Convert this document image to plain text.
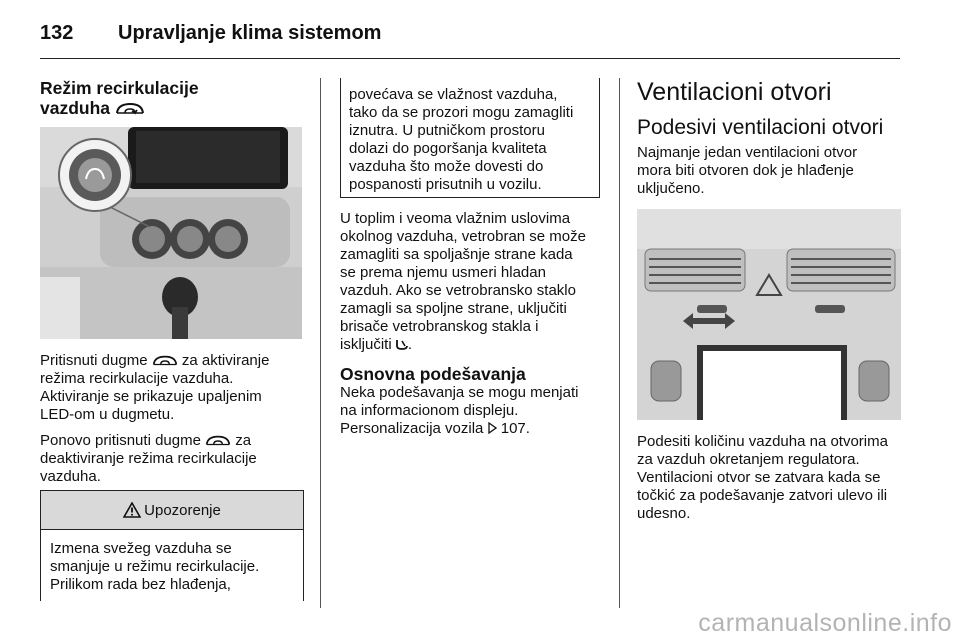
132 Upravljanje klima sistemom
Režim recirkulacije
vazduha

Pritisnuti dugme za aktiviranje
režima recirkulacije vazduha.
Aktiviranje se prikazuje upaljenim
LED-om u dugmetu.

Ponovo pritisnuti dugme za
deaktiviranje režima recirkulacije
vazduha.

Upozorenje

Izmena svežeg vazduha se
smanjuje u režimu recirkulacije.
Prilikom rada bez hlađenja,

povećava se vlažnost vazduha,
tako da se prozori mogu zamagliti
iznutra. U putničkom prostoru
dolazi do pogoršanja kvaliteta
vazduha što može dovesti do
pospanosti prisutnih u vozilu.

U toplim i veoma vlažnim uslovima
okolnog vazduha, vetrobran se može
zamagliti sa spoljašnje strane kada
se prema njemu usmeri hladan
vazduh. Ako se vetrobransko staklo
zamagli sa spoljne strane, uključiti
brisače vetrobranskog stakla i
isključiti .

Osnovna podešavanja

Neka podešavanja se mogu menjati
na informacionom displeju.
Personalizacija vozila 107.

Ventilacioni otvori
Podesivi ventilacioni otvori

Najmanje jedan ventilacioni otvor
mora biti otvoren dok je hlađenje
uključeno.

Podesiti količinu vazduha na otvorima
za vazduh okretanjem regulatora.
Ventilacioni otvor se zatvara kada se
točkić za podešavanje zatvori ulevo ili
udesno.

carmanualsonline.info
